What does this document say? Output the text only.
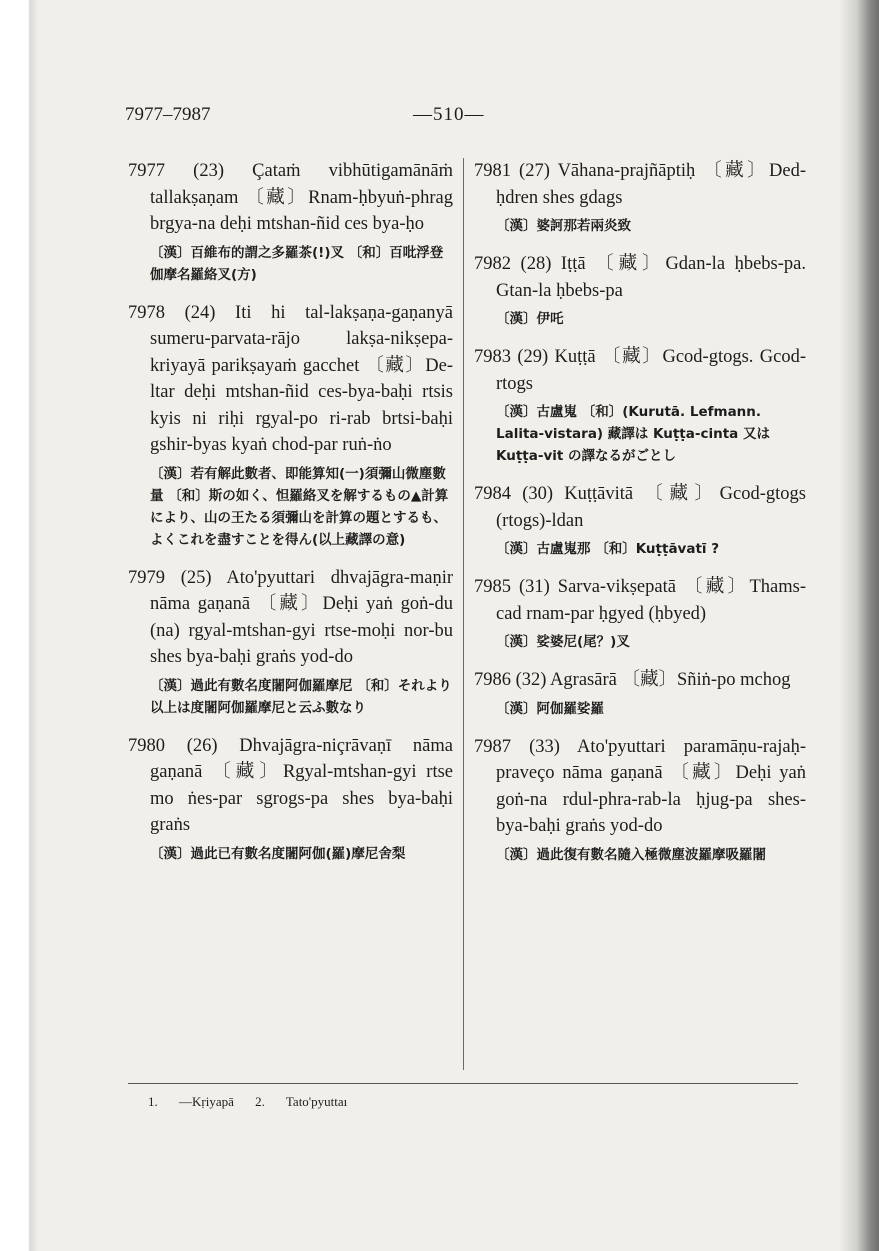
7977–7987	—510—
7977 (23) Çataṁ vibhūtigamānāṁ tallakṣaṇam 〔藏〕Rnam-ḥbyuṅ-phrag brgya-na deḥi mtshan-ñid ces bya-ḥo
〔漢〕百維布的謂之多羅茶(!)叉 〔和〕百吡浮登伽摩名羅絡叉(方)
7978 (24) Iti hi tal-lakṣaṇa-gaṇanyā sumeru-parvata-rājo lakṣa-nikṣepa-kriyayā parikṣayaṁ gacchet 〔藏〕De-ltar deḥi mtshan-ñid ces-bya-baḥi rtsis kyis ni riḥi rgyal-po ri-rab brtsi-baḥi gshir-byas kyaṅ chod-par ruṅ-ṅo
〔漢〕若有解此數者、即能算知(一)須彌山微塵數量 〔和〕斯の如く、怛羅絡叉を解するもの▲計算により、山の王たる須彌山を計算の題とするも、よくこれを盡すことを得ん(以上藏譯の意)
7979 (25) Ato'pyuttari dhvajāgra-maṇir nāma gaṇanā 〔藏〕Deḥi yaṅ goṅ-du (na) rgyal-mtshan-gyi rtse-moḥi nor-bu shes bya-baḥi graṅs yod-do
〔漢〕過此有數名度闍阿伽羅摩尼 〔和〕それより以上は度闍阿伽羅摩尼と云ふ數なり
7980 (26) Dhvajāgra-niçrāvaṇī nāma gaṇanā 〔藏〕Rgyal-mtshan-gyi rtse mo ṅes-par sgrogs-pa shes bya-baḥi graṅs
〔漢〕過此已有數名度闍阿伽(羅)摩尼舍梨
7981 (27) Vāhana-prajñāptiḥ 〔藏〕Ded-ḥdren shes gdags
〔漢〕婆訶那若兩炎致
7982 (28) Iṭṭā 〔藏〕Gdan-la ḥbebs-pa. Gtan-la ḥbebs-pa
〔漢〕伊吒
7983 (29) Kuṭṭā 〔藏〕Gcod-gtogs. Gcod-rtogs
〔漢〕古盧嵬 〔和〕(Kurutā. Lefmann. Lalita-vistara) 藏譯は Kuṭṭa-cinta 又は Kuṭṭa-vit の譯なるがごとし
7984 (30) Kuṭṭāvitā 〔藏〕Gcod-gtogs (rtogs)-ldan
〔漢〕古盧嵬那 〔和〕Kuṭṭāvatī ?
7985 (31) Sarva-vikṣepatā 〔藏〕Thams-cad rnam-par ḥgyed (ḥbyed)
〔漢〕娑婆尼(尾？)叉
7986 (32) Agrasārā 〔藏〕Sñiṅ-po mchog
〔漢〕阿伽羅娑羅
7987 (33) Ato'pyuttari paramāṇu-rajaḥ-praveço nāma gaṇanā 〔藏〕Deḥi yaṅ goṅ-na rdul-phra-rab-la ḥjug-pa shes-bya-baḥi graṅs yod-do
〔漢〕過此復有數名隨入極微塵波羅摩吸羅闍
1. —Kṛiyapā 2. Tato'pyuttaı
